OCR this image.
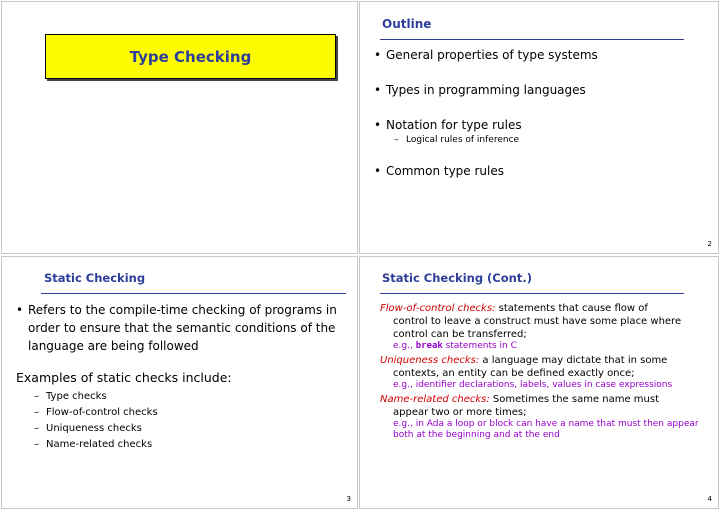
Type Checking
Outline
• General properties of type systems
• Types in programming languages
• Notation for type rules
– Logical rules of inference
• Common type rules
2
Static Checking
• Refers to the compile-time checking of programs in order to ensure that the semantic conditions of the language are being followed
Examples of static checks include:
– Type checks
– Flow-of-control checks
– Uniqueness checks
– Name-related checks
3
Static Checking (Cont.)
Flow-of-control checks: statements that cause flow of
control to leave a construct must have some place where control can be transferred;
e.g., break statements in C
Uniqueness checks: a language may dictate that in some
contexts, an entity can be defined exactly once;
e.g., identifier declarations, labels, values in case expressions
Name-related checks: Sometimes the same name must
appear two or more times;
e.g., in Ada a loop or block can have a name that must then appear both at the beginning and at the end
4
